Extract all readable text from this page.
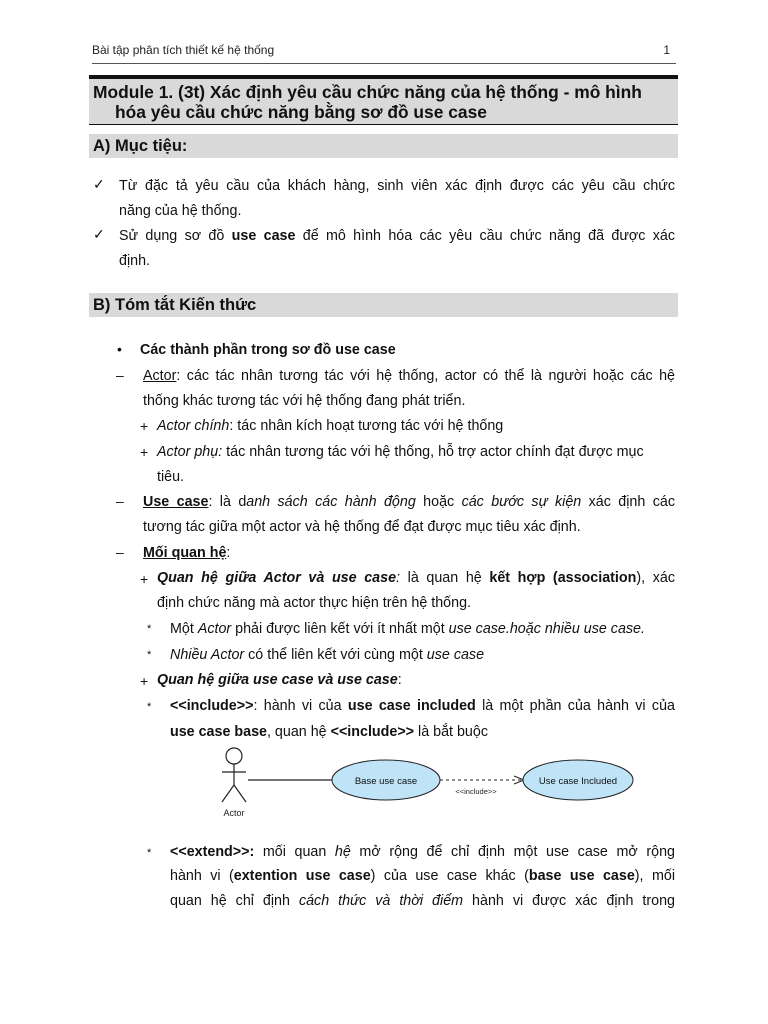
Bài tập phân tích thiết kế hệ thống	1
Module 1. (3t) Xác định yêu cầu chức năng của hệ thống - mô hình
hóa yêu cầu chức năng bằng sơ đồ use case
A) Mục tiệu:
✓ Từ đặc tả yêu cầu của khách hàng, sinh viên xác định được các yêu cầu chức
năng của hệ thống.
✓ Sử dụng sơ đồ use case để mô hình hóa các yêu cầu chức năng đã được xác
định.
B) Tóm tắt Kiến thức
• Các thành phần trong sơ đồ use case
– Actor: các tác nhân tương tác với hệ thống, actor có thể là người hoặc các hệ
thống khác tương tác với hệ thống đang phát triển.
+ Actor chính: tác nhân kích hoạt tương tác với hệ thống
+ Actor phụ: tác nhân tương tác với hệ thống, hỗ trợ actor chính đạt được mục
tiêu.
– Use case: là danh sách các hành động hoặc các bước sự kiện xác định các
tương tác giữa một actor và hệ thống để đạt được mục tiêu xác định.
– Mối quan hệ:
+ Quan hệ giữa Actor và use case: là quan hệ kết hợp (association), xác
định chức năng mà actor thực hiện trên hệ thống.
* Một Actor phải được liên kết với ít nhất một use case.hoặc nhiều use case.
* Nhiều Actor có thể liên kết với cùng một use case
+ Quan hệ giữa use case và use case:
* <<include>>: hành vi của use case included là một phần của hành vi của
use case base, quan hệ <<include>> là bắt buộc
Actor
Base use case
<<include>>
Use case Included
* <<extend>>: mối quan hệ mở rộng để chỉ định một use case mở rộng
hành vi (extention use case) của use case khác (base use case), mối
quan hệ chỉ định cách thức và thời điểm hành vi được xác định trong
